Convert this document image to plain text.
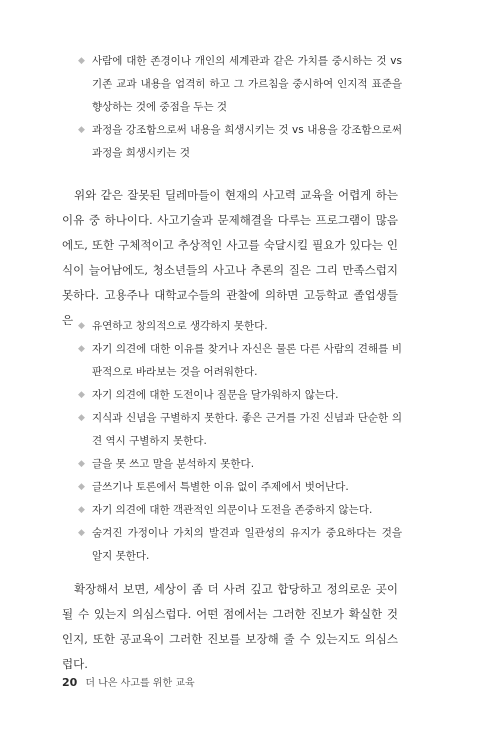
◆ 사람에 대한 존경이나 개인의 세계관과 같은 가치를 중시하는 것 vs 기존 교과 내용을 엄격히 하고 그 가르침을 중시하여 인지적 표준을 향상하는 것에 중점을 두는 것
◆ 과정을 강조함으로써 내용을 희생시키는 것 vs 내용을 강조함으로써 과정을 희생시키는 것

위와 같은 잘못된 딜레마들이 현재의 사고력 교육을 어렵게 하는 이유 중 하나이다. 사고기술과 문제해결을 다루는 프로그램이 많음에도, 또한 구체적이고 추상적인 사고를 숙달시킬 필요가 있다는 인식이 늘어남에도, 청소년들의 사고나 추론의 질은 그리 만족스럽지 못하다. 고용주나 대학교수들의 관찰에 의하면 고등학교 졸업생들은 ◆ 유연하고 창의적으로 생각하지 못한다.
◆ 자기 의견에 대한 이유를 찾거나 자신은 물론 다른 사람의 견해를 비판적으로 바라보는 것을 어려워한다.
◆ 자기 의견에 대한 도전이나 질문을 달가워하지 않는다.
◆ 지식과 신념을 구별하지 못한다. 좋은 근거를 가진 신념과 단순한 의견 역시 구별하지 못한다.
◆ 글을 못 쓰고 말을 분석하지 못한다.
◆ 글쓰기나 토론에서 특별한 이유 없이 주제에서 벗어난다.
◆ 자기 의견에 대한 객관적인 의문이나 도전을 존중하지 않는다.
◆ 숨겨진 가정이나 가치의 발견과 일관성의 유지가 중요하다는 것을 알지 못한다.

확장해서 보면, 세상이 좀 더 사려 깊고 합당하고 정의로운 곳이 될 수 있는지 의심스럽다. 어떤 점에서는 그러한 진보가 확실한 것인지, 또한 공교육이 그러한 진보를 보장해 줄 수 있는지도 의심스럽다.

20 더 나은 사고를 위한 교육
